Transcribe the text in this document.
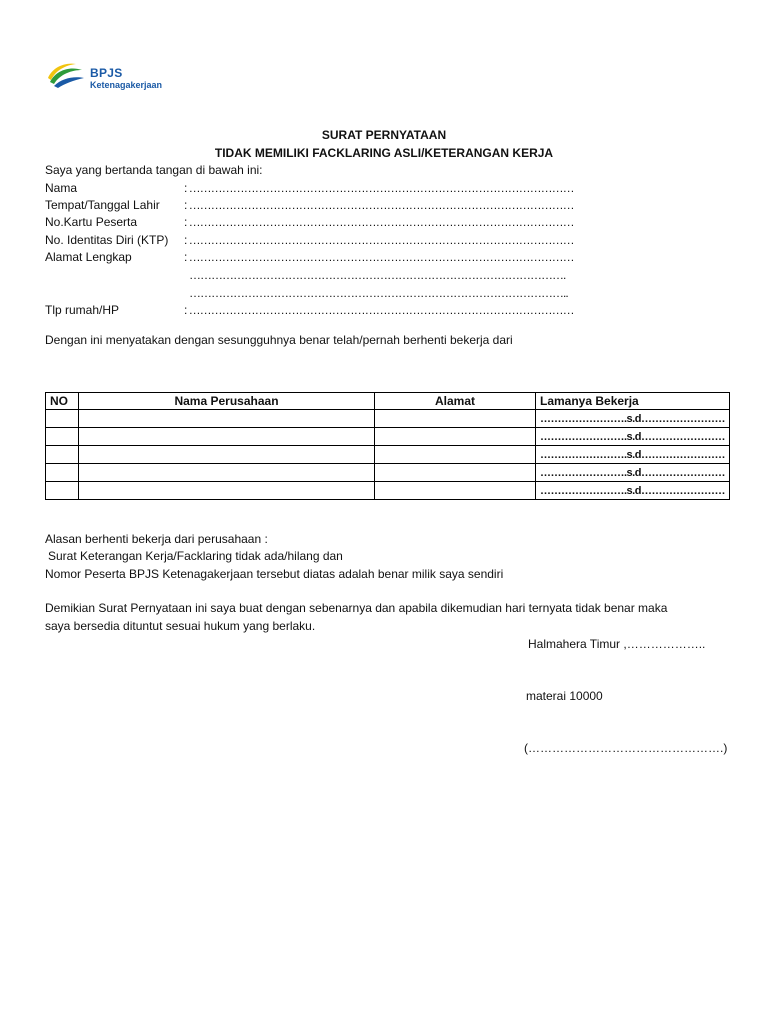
BPJS
Ketenagakerjaan
SURAT PERNYATAAN
TIDAK MEMILIKI FACKLARING ASLI/KETERANGAN KERJA
Saya yang bertanda tangan di bawah ini:
Nama	: ……………………………………………………………………………………………
Tempat/Tanggal Lahir : ……………………………………………………………………………………………
No.Kartu Peserta	: ……………………………………………………………………………………………
No. Identitas Diri (KTP) : ……………………………………………………………………………………………
Alamat Lengkap	: ……………………………………………………………………………………………
………………………………………………………………………………………….
…………………………………………………………………………………………..
Tlp rumah/HP	: ……………………………………………………………………………………………
Dengan ini menyatakan dengan sesungguhnya benar telah/pernah berhenti bekerja dari
NO	Nama Perusahaan	Alamat	Lamanya Bekerja
			…………………….s.d……………………
			…………………….s.d……………………
			…………………….s.d……………………
			…………………….s.d……………………
			…………………….s.d……………………
Alasan berhenti bekerja dari perusahaan :
Surat Keterangan Kerja/Facklaring tidak ada/hilang dan
Nomor Peserta BPJS Ketenagakerjaan tersebut diatas adalah benar milik saya sendiri
Demikian Surat Pernyataan ini saya buat dengan sebenarnya dan apabila dikemudian hari ternyata tidak benar maka
saya bersedia dituntut sesuai hukum yang berlaku.
Halmahera Timur ,………………..
materai 10000
(………………………………………….)
